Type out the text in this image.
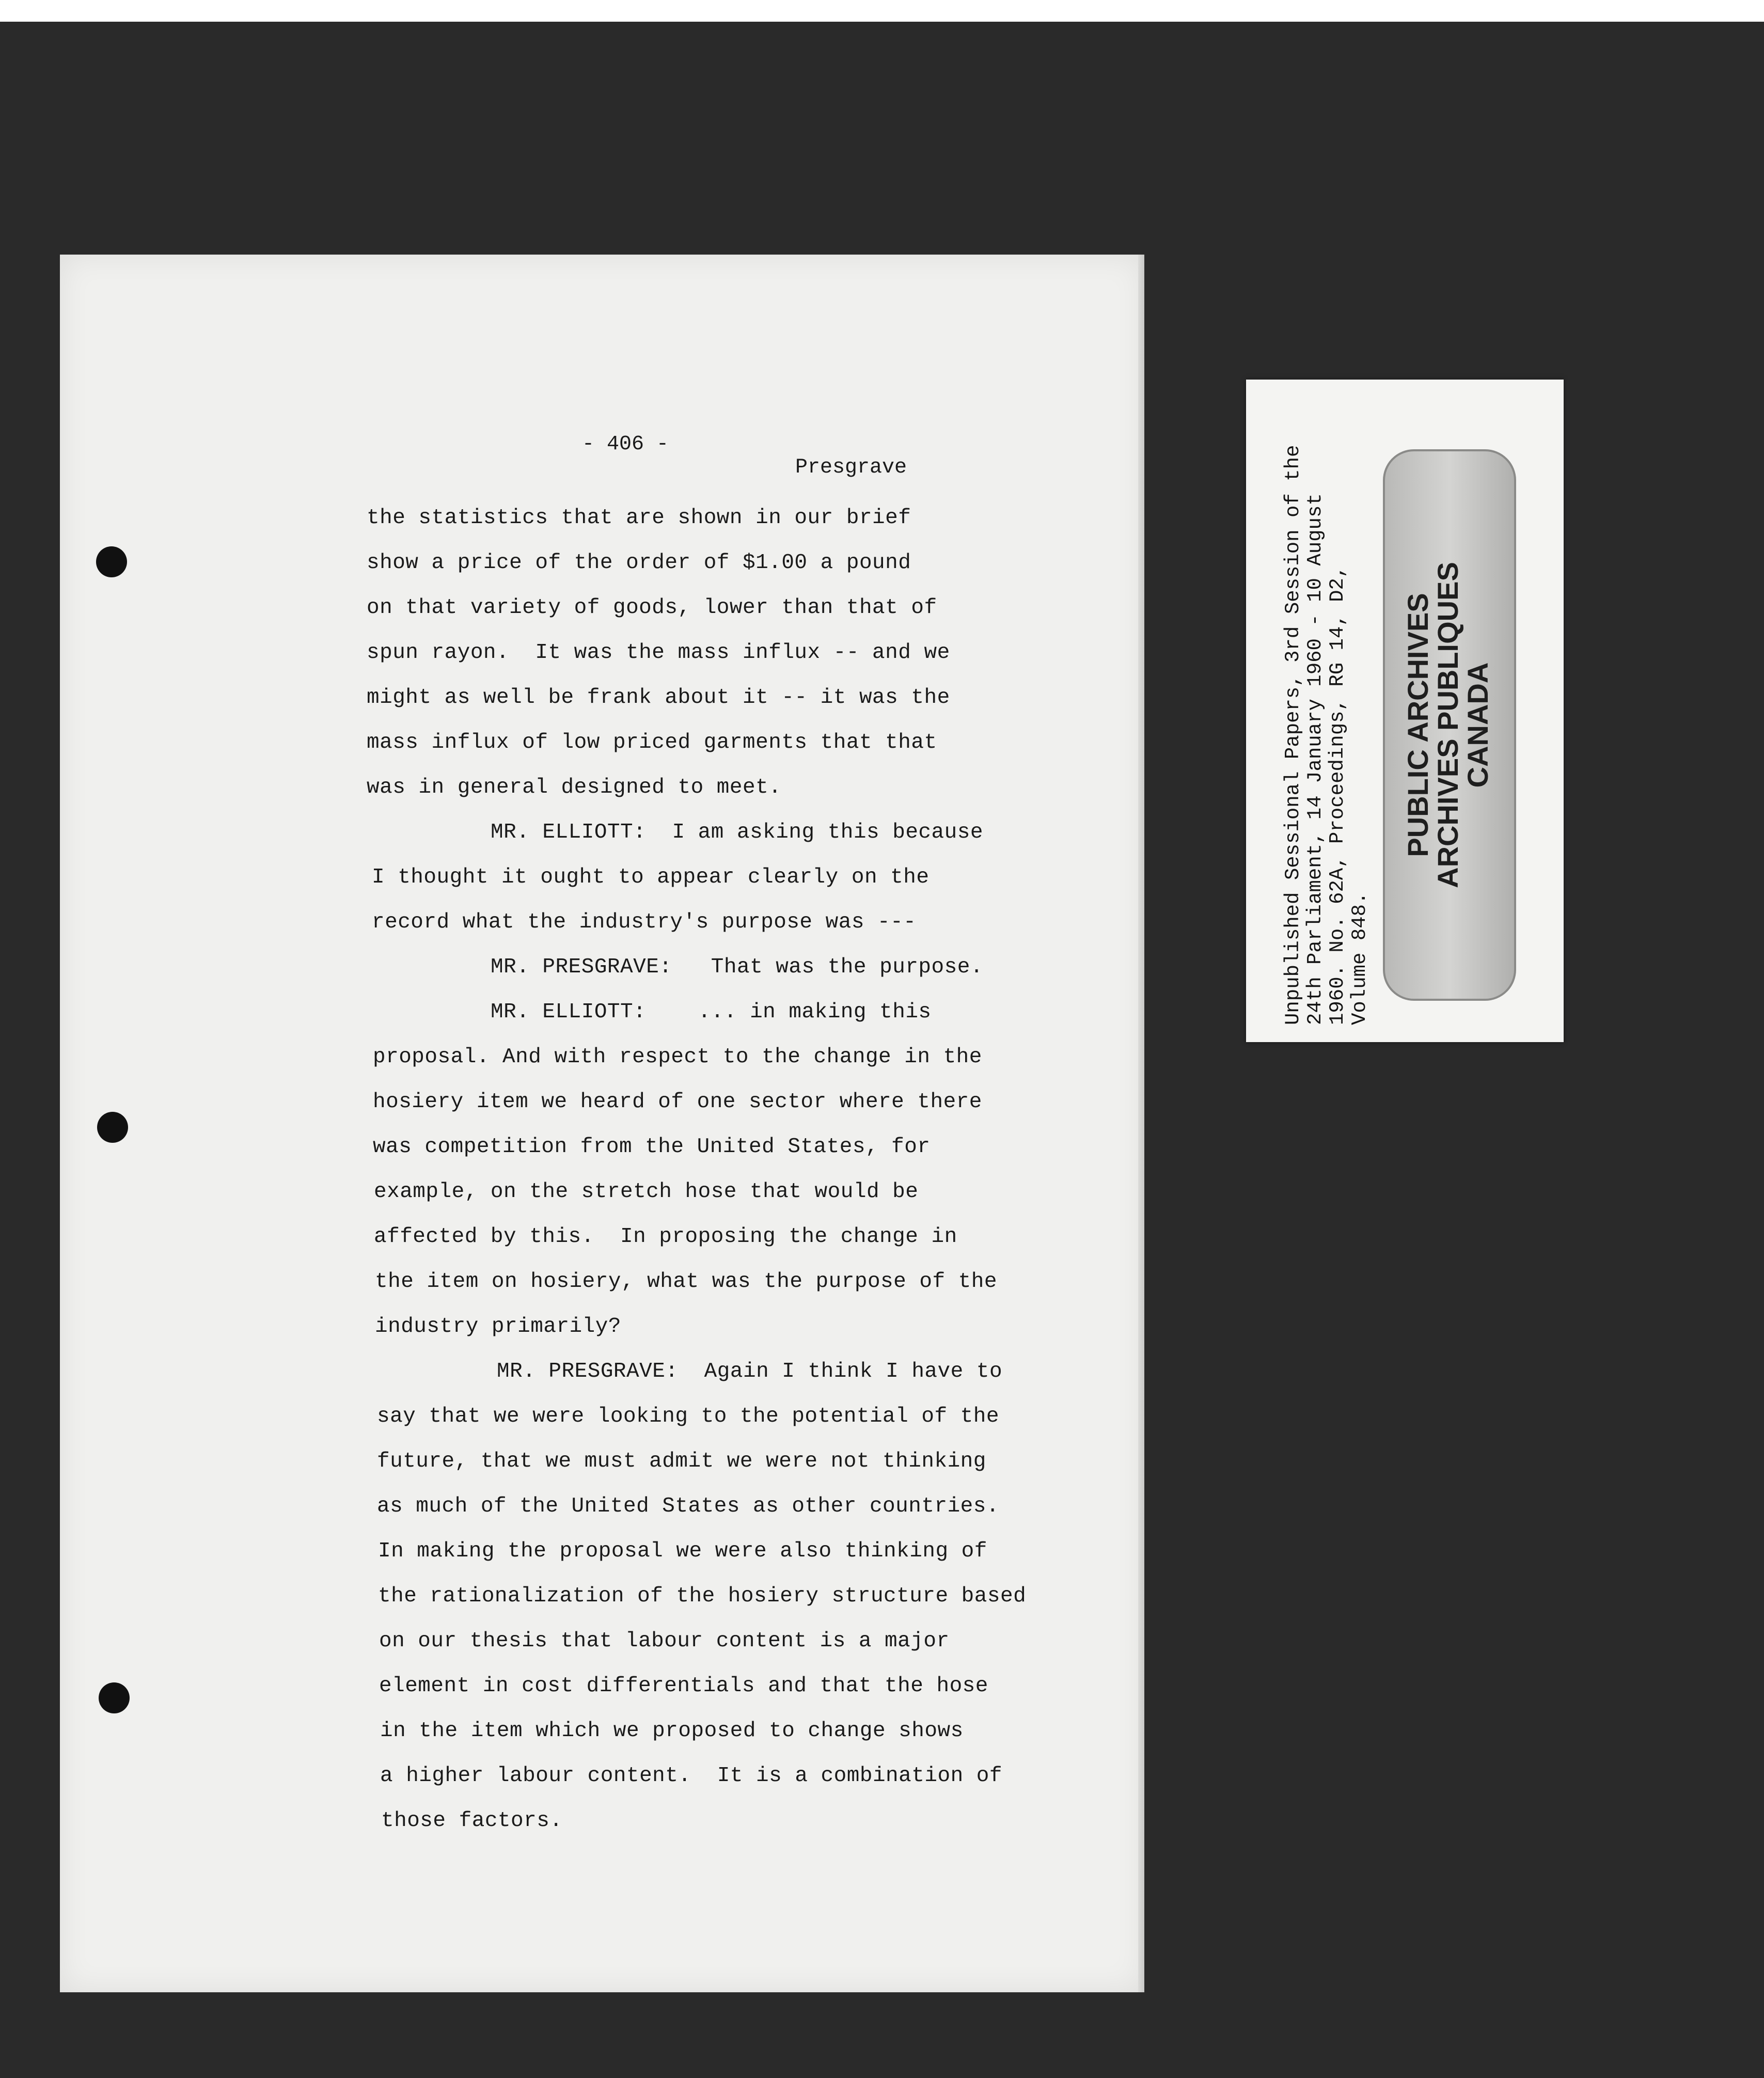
- 406 -

Presgrave

the statistics that are shown in our brief
show a price of the order of $1.00 a pound
on that variety of goods, lower than that of
spun rayon.  It was the mass influx -- and we
might as well be frank about it -- it was the
mass influx of low priced garments that that
was in general designed to meet.
MR. ELLIOTT:  I am asking this because
I thought it ought to appear clearly on the
record what the industry's purpose was ---
MR. PRESGRAVE:   That was the purpose.
MR. ELLIOTT:    ... in making this
proposal. And with respect to the change in the
hosiery item we heard of one sector where there
was competition from the United States, for
example, on the stretch hose that would be
affected by this.  In proposing the change in
the item on hosiery, what was the purpose of the
industry primarily?
MR. PRESGRAVE:  Again I think I have to
say that we were looking to the potential of the
future, that we must admit we were not thinking
as much of the United States as other countries.
In making the proposal we were also thinking of
the rationalization of the hosiery structure based
on our thesis that labour content is a major
element in cost differentials and that the hose
in the item which we proposed to change shows
a higher labour content.  It is a combination of
those factors.
Unpublished Sessional Papers, 3rd Session of the 24th Parliament, 14 January 1960 - 10 August 1960. No. 62A, Proceedings, RG 14, D2, Volume 848.
PUBLIC ARCHIVES
ARCHIVES PUBLIQUES
CANADA
